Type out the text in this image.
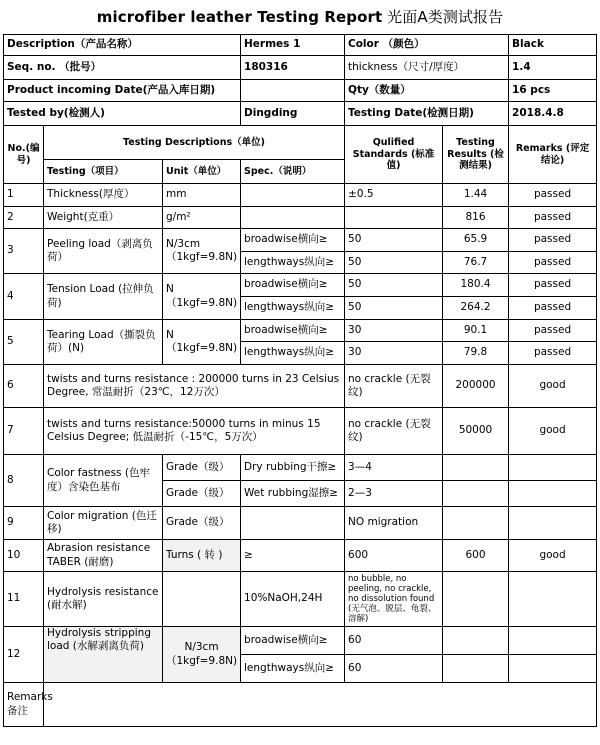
microfiber leather Testing Report 光面A类测试报告
Description（产品名称）			Hermes 1	Color （颜色）		Black
Seq. no. （批号）			180316	thickness（尺寸/厚度）		1.4
Product incoming Date(产品入库日期)				Qty（数量）		16 pcs
Tested by(检测人)			Dingding	Testing Date(检测日期)		2018.4.8
No.(编号)	Testing Descriptions（单位)			Qulified Standards (标准值)	Testing Results (检测结果)	Remarks (评定结论)
	Testing（项目）	Unit（单位）	Spec.（说明）			
1	Thickness(厚度）	mm		±0.5	1.44	passed
2	Weight(克重）	g/m²			816	passed
3	Peeling load（剥离负荷）	N/3cm （1kgf=9.8N)	broadwise横向≥	50	65.9	passed
			lengthways纵向≥	50	76.7	passed
4	Tension Load (拉伸负荷)	N （1kgf=9.8N)	broadwise横向≥	50	180.4	passed
			lengthways纵向≥	50	264.2	passed
5	Tearing Load（撕裂负荷）(N)	N （1kgf=9.8N)	broadwise横向≥	30	90.1	passed
			lengthways纵向≥	30	79.8	passed
6	twists and turns resistance : 200000 turns in 23 Celsius Degree, 常温耐折（23℃，12万次）			no crackle (无裂纹)	200000	good
7	twists and turns resistance:50000 turns in minus 15 Celsius Degree; 低温耐折（-15℃，5万次）			no crackle (无裂纹)	50000	good
8	Color fastness (色牢度）含染色基布	Grade（级）	Dry rubbing干擦≥	3—4		
		Grade（级）	Wet rubbing湿擦≥	2—3		
9	Color migration (色迁移)	Grade（级）		NO migration		
10	Abrasion resistance TABER (耐磨)	Turns ( 转 )	≥	600	600	good
11	Hydrolysis resistance (耐水解)		10%NaOH,24H	no bubble, no peeling, no crackle, no dissolution found (无气泡、脱层、龟裂、溶解)		
12	Hydrolysis stripping load (水解剥离负荷)	N/3cm （1kgf=9.8N)	broadwise横向≥	60		
			lengthways纵向≥	60		
Remarks 备注						
